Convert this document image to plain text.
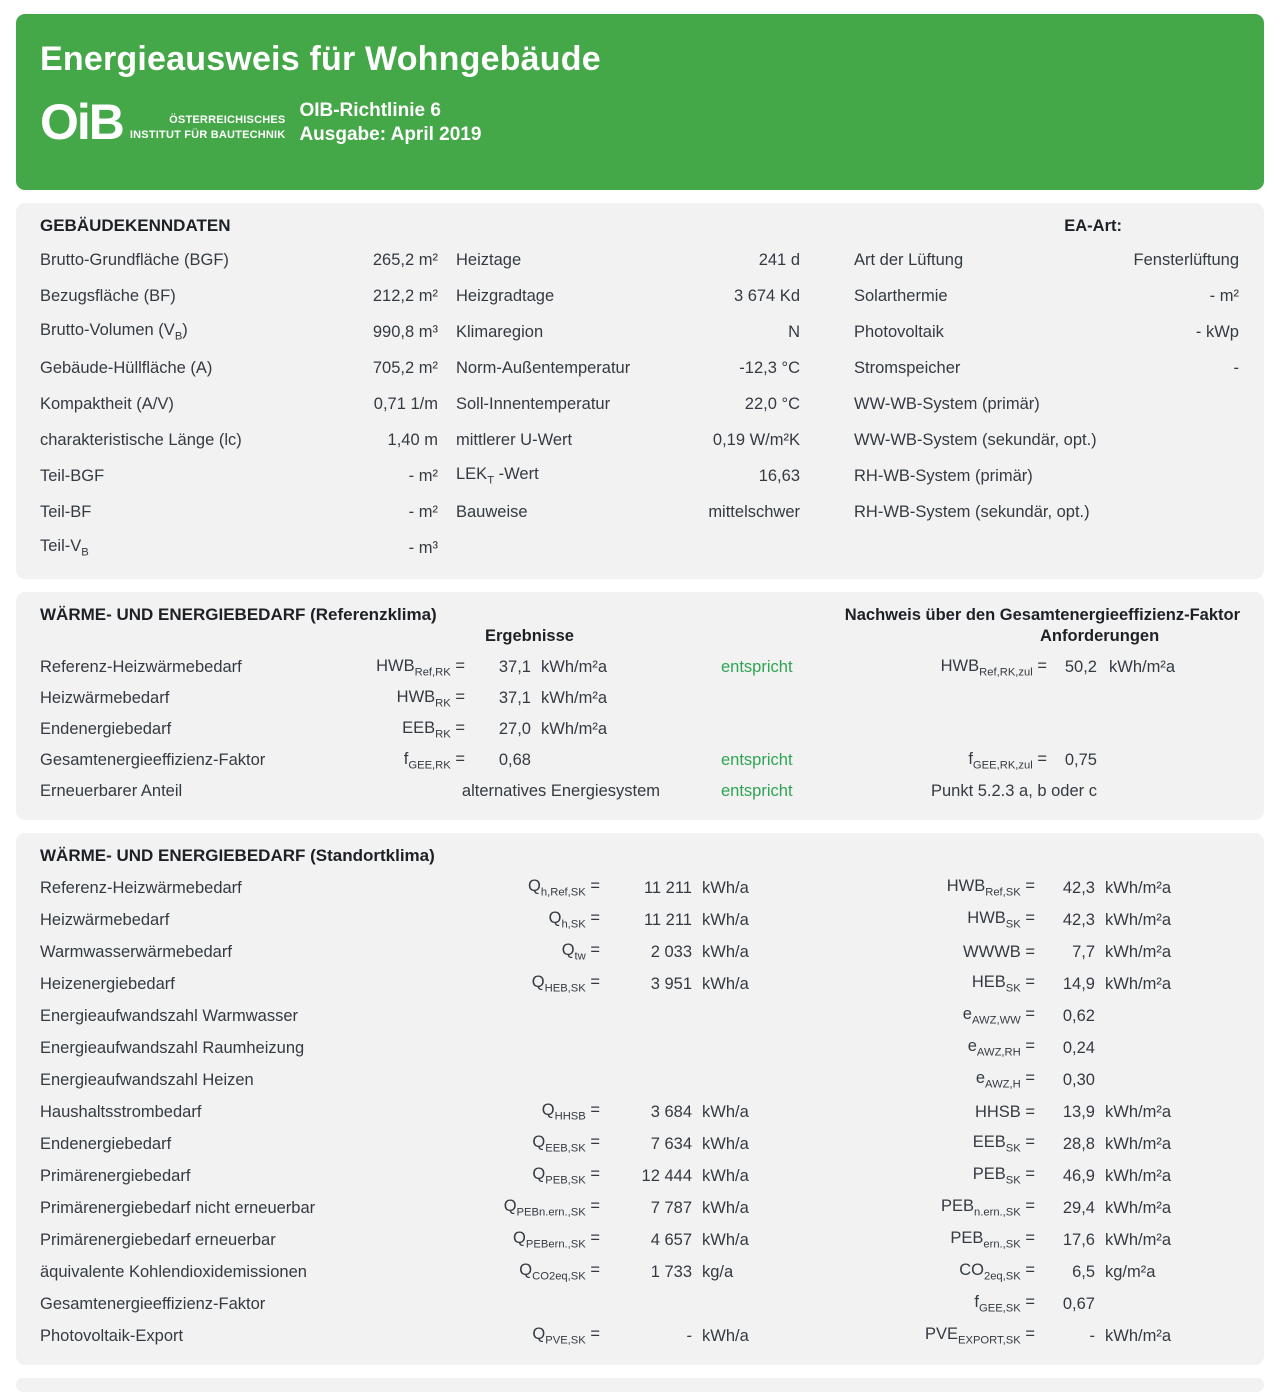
Energieausweis für Wohngebäude
OiB	ÖSTERREICHISCHES
INSTITUT FÜR BAUTECHNIK
OIB-Richtlinie 6
Ausgabe: April 2019
GEBÄUDEKENNDATEN	EA-Art:
Brutto-Grundfläche (BGF)	265,2 m²
Bezugsfläche (BF)	212,2 m²
Brutto-Volumen $(V_B)$	990,8 m³
Gebäude-Hüllfläche (A)	705,2 m²
Kompaktheit (A/V)	0,71 1/m
charakteristische Länge (lc)	1,40 m
Teil-BGF	- m²
Teil-BF	- m²
Teil-$V_B$	- m³
Heiztage	241 d
Heizgradtage	3 674 Kd
Klimaregion	N
Norm-Außentemperatur	-12,3 °C
Soll-Innentemperatur	22,0 °C
mittlerer U-Wert	0,19 W/m²K
$LEK_T$ -Wert	16,63
Bauweise	mittelschwer
Art der Lüftung	Fensterlüftung
Solarthermie	- m²
Photovoltaik	- kWp
Stromspeicher	-
WW-WB-System (primär)
WW-WB-System (sekundär, opt.)
RH-WB-System (primär)
RH-WB-System (sekundär, opt.)
WÄRME- UND ENERGIEBEDARF (Referenzklima)	Nachweis über den Gesamtenergieeffizienz-Faktor
Ergebnisse	Anforderungen
Referenz-Heizwärmebedarf	$HWB_{Ref,RK}$ =	37,1 kWh/m²a	entspricht	$HWB_{Ref,RK,zul}$ =	50,2 kWh/m²a
Heizwärmebedarf	$HWB_{RK}$ =	37,1 kWh/m²a
Endenergiebedarf	$EEB_{RK}$ =	27,0 kWh/m²a
Gesamtenergieeffizienz-Faktor	$f_{GEE,RK}$ =	0,68	entspricht	$f_{GEE,RK,zul}$ =	0,75
Erneuerbarer Anteil	alternatives Energiesystem	entspricht	Punkt 5.2.3 a, b oder c
WÄRME- UND ENERGIEBEDARF (Standortklima)
Referenz-Heizwärmebedarf	$Q_{h,Ref,SK}$ =	11 211 kWh/a	$HWB_{Ref,SK}$ =	42,3 kWh/m²a
Heizwärmebedarf	$Q_{h,SK}$ =	11 211 kWh/a	$HWB_{SK}$ =	42,3 kWh/m²a
Warmwasserwärmebedarf	$Q_{tw}$ =	2 033 kWh/a	WWWB =	7,7 kWh/m²a
Heizenergiebedarf	$Q_{HEB,SK}$ =	3 951 kWh/a	$HEB_{SK}$ =	14,9 kWh/m²a
Energieaufwandszahl Warmwasser	$e_{AWZ,WW}$ =	0,62
Energieaufwandszahl Raumheizung	$e_{AWZ,RH}$ =	0,24
Energieaufwandszahl Heizen	$e_{AWZ,H}$ =	0,30
Haushaltsstrombedarf	$Q_{HHSB}$ =	3 684 kWh/a	HHSB =	13,9 kWh/m²a
Endenergiebedarf	$Q_{EEB,SK}$ =	7 634 kWh/a	$EEB_{SK}$ =	28,8 kWh/m²a
Primärenergiebedarf	$Q_{PEB,SK}$ =	12 444 kWh/a	$PEB_{SK}$ =	46,9 kWh/m²a
Primärenergiebedarf nicht erneuerbar	$Q_{PEBn.ern.,SK}$ =	7 787 kWh/a	$PEB_{n.ern.,SK}$ =	29,4 kWh/m²a
Primärenergiebedarf erneuerbar	$Q_{PEBern.,SK}$ =	4 657 kWh/a	$PEB_{ern.,SK}$ =	17,6 kWh/m²a
äquivalente Kohlendioxidemissionen	$Q_{CO2eq,SK}$ =	1 733 kg/a	$CO_{2eq,SK}$ =	6,5 kg/m²a
Gesamtenergieeffizienz-Faktor	$f_{GEE,SK}$ =	0,67
Photovoltaik-Export	$Q_{PVE,SK}$ =	- kWh/a	$PVE_{EXPORT,SK}$ =	- kWh/m²a
